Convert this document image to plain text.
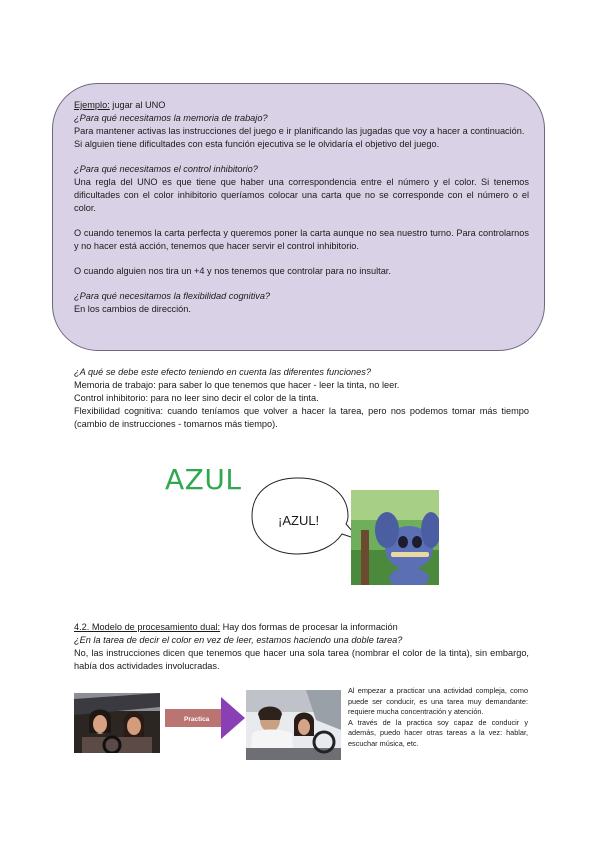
Ejemplo: jugar al UNO

¿Para qué necesitamos la memoria de trabajo?

Para mantener activas las instrucciones del juego e ir planificando las jugadas que voy a hacer a continuación.

Si alguien tiene dificultades con esta función ejecutiva se le olvidaría el objetivo del juego.

¿Para qué necesitamos el control inhibitorio?

Una regla del UNO es que tiene que haber una correspondencia entre el número y el color. Si tenemos dificultades con el color inhibitorio queríamos colocar una carta que no se corresponde con el número o el color.

O cuando tenemos la carta perfecta y queremos poner la carta aunque no sea nuestro turno. Para controlarnos y no hacer está acción, tenemos que hacer servir el control inhibitorio.

O cuando alguien nos tira un +4 y nos tenemos que controlar para no insultar.

¿Para qué necesitamos la flexibilidad cognitiva?

En los cambios de dirección.

¿A qué se debe este efecto teniendo en cuenta las diferentes funciones?

Memoria de trabajo: para saber lo que tenemos que hacer - leer la tinta, no leer.

Control inhibitorio: para no leer sino decir el color de la tinta.

Flexibilidad cognitiva: cuando teníamos que volver a hacer la tarea, pero nos podemos tomar más tiempo (cambio de instrucciones - tomarnos más tiempo).

AZUL
¡AZUL!

4.2. Modelo de procesamiento dual: Hay dos formas de procesar la información

¿En la tarea de decir el color en vez de leer, estamos haciendo una doble tarea?

No, las instrucciones dicen que tenemos que hacer una sola tarea (nombrar el color de la tinta), sin embargo, había dos actividades involucradas.

Practica

Al empezar a practicar una actividad compleja, como puede ser conducir, es una tarea muy demandante: requiere mucha concentración y atención.

A través de la practica soy capaz de conducir y además, puedo hacer otras tareas a la vez: hablar, escuchar música, etc.
